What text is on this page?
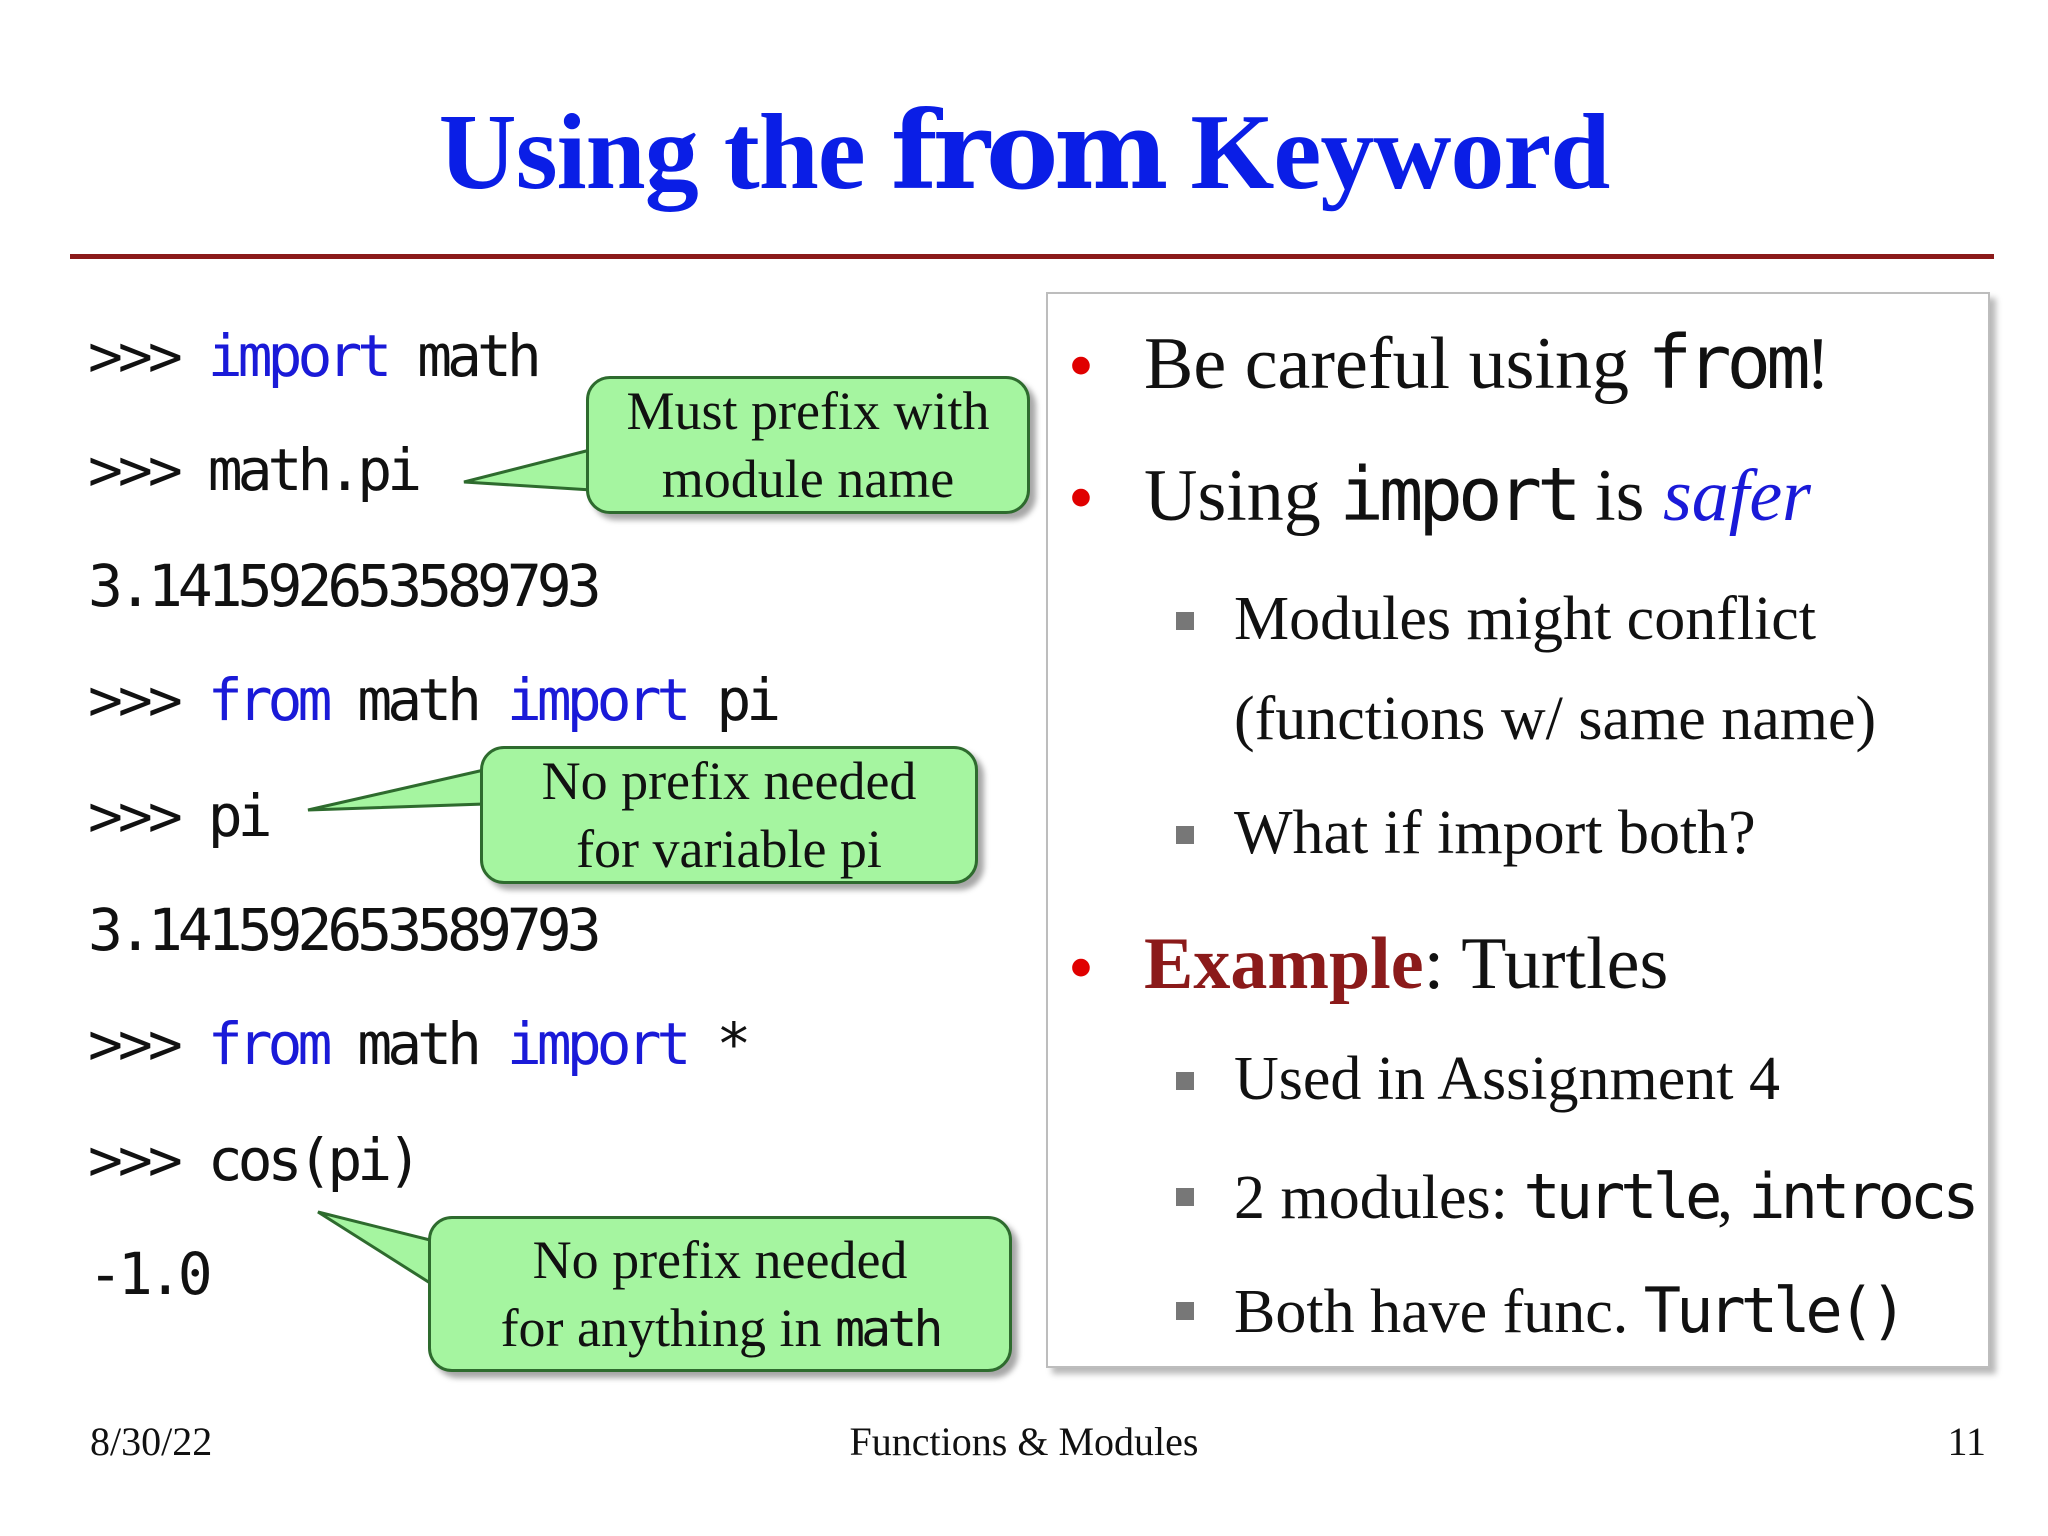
Using the from Keyword
>>> import math
>>> math.pi
3.141592653589793
>>> from math import pi
>>> pi
3.141592653589793
>>> from math import *
>>> cos(pi)
-1.0
Must prefix with
module name
No prefix needed
for variable pi
No prefix needed
for anything in math
• Be careful using from!
• Using import is safer
Modules might conflict
(functions w/ same name)
What if import both?
• Example: Turtles
Used in Assignment 4
2 modules: turtle, introcs
Both have func. Turtle()
8/30/22	Functions & Modules	11
